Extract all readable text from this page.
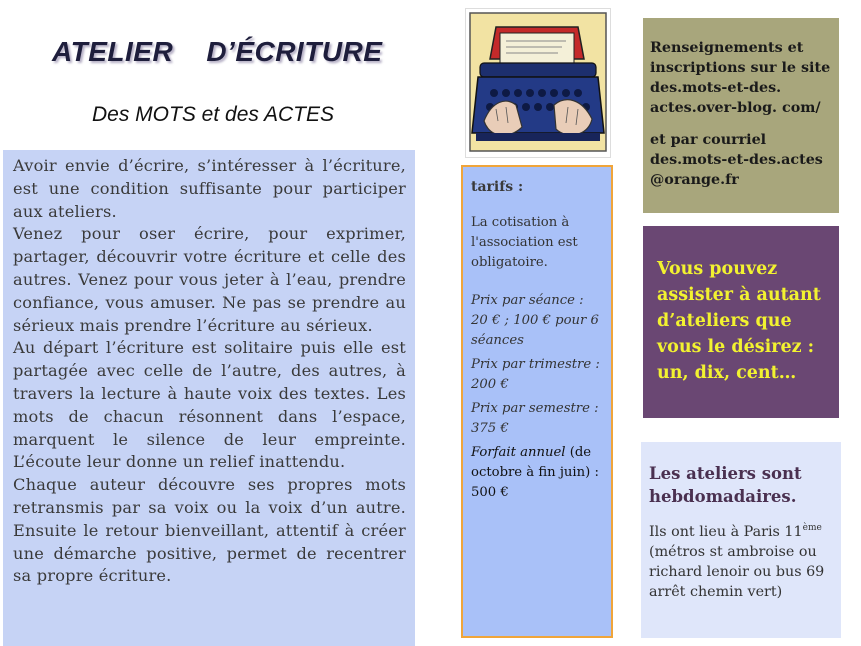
ATELIER    D’ÉCRITURE
Des MOTS et des ACTES

Avoir envie d’écrire, s’intéresser à l’écriture, est une condition suffisante pour participer aux ateliers.

Venez pour oser écrire, pour exprimer, partager, découvrir votre écriture et celle des autres. Venez pour vous jeter à l’eau, prendre confiance, vous amuser. Ne pas se prendre au sérieux mais prendre l’écriture au sérieux.

Au départ l’écriture est solitaire puis elle est partagée avec celle de l’autre, des autres, à travers la lecture à haute voix des textes. Les mots de chacun résonnent dans l’espace, marquent le silence de leur empreinte. L’écoute leur donne un relief inattendu.

Chaque auteur découvre ses propres mots retransmis par sa voix ou la voix d’un autre. Ensuite le retour bienveillant, attentif à créer une démarche positive, permet de recentrer sa propre écriture.

tarifs :

La cotisation à l'association est obligatoire.

Prix par séance : 20 € ; 100 € pour 6 séances

Prix par trimestre : 200 €

Prix par semestre : 375 €

Forfait annuel (de octobre à fin juin) : 500 €

Renseignements et inscriptions sur le site des.mots-et-des. actes.over-blog. com/

et par courriel des.mots-et-des.actes @orange.fr

Vous pouvez assister à autant d’ateliers que vous le désirez : un, dix, cent…
Les ateliers sont hebdomadaires.
Ils ont lieu à Paris 11ème (métros st ambroise ou richard lenoir ou bus 69 arrêt chemin vert)
